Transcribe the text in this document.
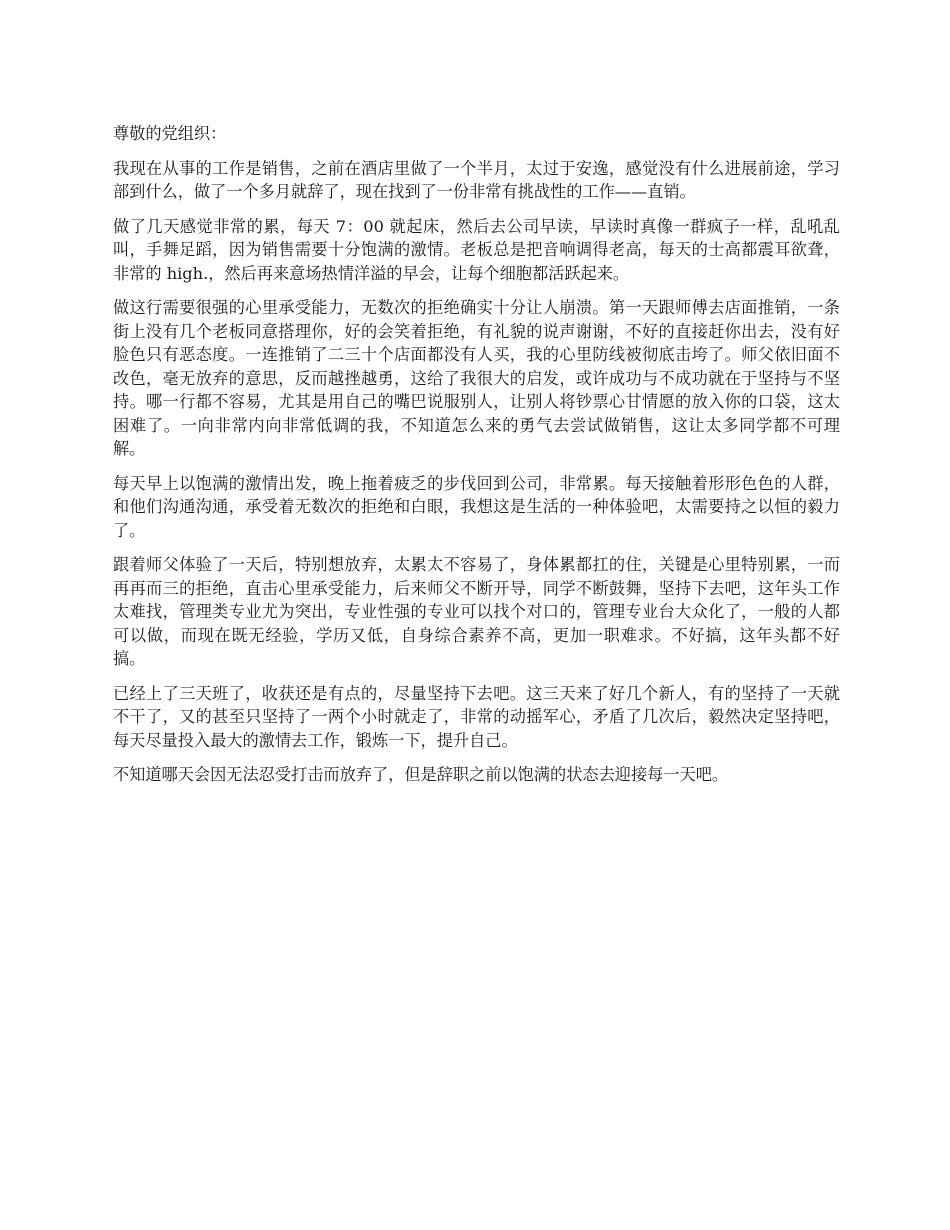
尊敬的党组织：

我现在从事的工作是销售，之前在酒店里做了一个半月，太过于安逸，感觉没有什么进展前途，学习部到什么，做了一个多月就辞了，现在找到了一份非常有挑战性的工作——直销。

做了几天感觉非常的累，每天 7：00 就起床，然后去公司早读，早读时真像一群疯子一样，乱吼乱叫，手舞足蹈，因为销售需要十分饱满的激情。老板总是把音响调得老高，每天的士高都震耳欲聋，非常的 high.，然后再来意场热情洋溢的早会，让每个细胞都活跃起来。

做这行需要很强的心里承受能力，无数次的拒绝确实十分让人崩溃。第一天跟师傅去店面推销，一条街上没有几个老板同意搭理你，好的会笑着拒绝，有礼貌的说声谢谢，不好的直接赶你出去，没有好脸色只有恶态度。一连推销了二三十个店面都没有人买，我的心里防线被彻底击垮了。师父依旧面不改色，毫无放弃的意思，反而越挫越勇，这给了我很大的启发，或许成功与不成功就在于坚持与不坚持。哪一行都不容易，尤其是用自己的嘴巴说服别人，让别人将钞票心甘情愿的放入你的口袋，这太困难了。一向非常内向非常低调的我，不知道怎么来的勇气去尝试做销售，这让太多同学都不可理解。

每天早上以饱满的激情出发，晚上拖着疲乏的步伐回到公司，非常累。每天接触着形形色色的人群，和他们沟通沟通，承受着无数次的拒绝和白眼，我想这是生活的一种体验吧，太需要持之以恒的毅力了。

跟着师父体验了一天后，特别想放弃，太累太不容易了，身体累都扛的住，关键是心里特别累，一而再再而三的拒绝，直击心里承受能力，后来师父不断开导，同学不断鼓舞，坚持下去吧，这年头工作太难找，管理类专业尤为突出，专业性强的专业可以找个对口的，管理专业台大众化了，一般的人都可以做，而现在既无经验，学历又低，自身综合素养不高，更加一职难求。不好搞，这年头都不好搞。

已经上了三天班了，收获还是有点的，尽量坚持下去吧。这三天来了好几个新人，有的坚持了一天就不干了，又的甚至只坚持了一两个小时就走了，非常的动摇军心，矛盾了几次后，毅然决定坚持吧，每天尽量投入最大的激情去工作，锻炼一下，提升自己。

不知道哪天会因无法忍受打击而放弃了，但是辞职之前以饱满的状态去迎接每一天吧。
